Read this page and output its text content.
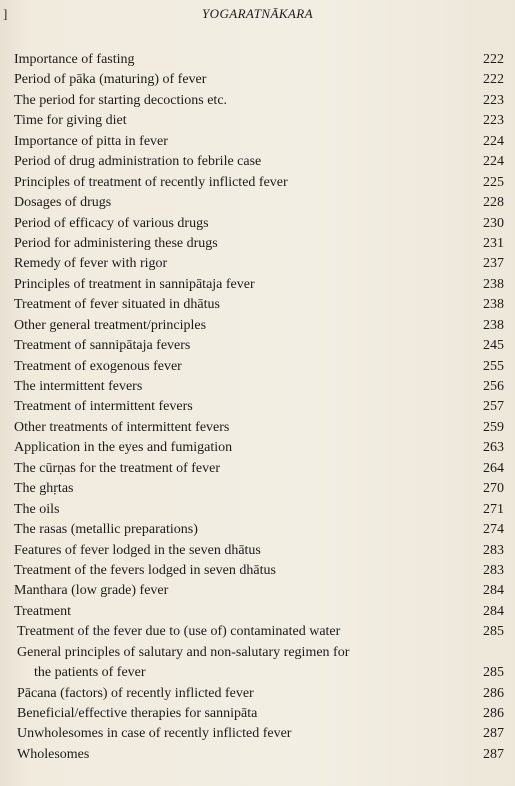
]	YOGARATNĀKARA
Importance of fasting	222
Period of pāka (maturing) of fever	222
The period for starting decoctions etc.	223
Time for giving diet	223
Importance of pitta in fever	224
Period of drug administration to febrile case	224
Principles of treatment of recently inflicted fever	225
Dosages of drugs	228
Period of efficacy of various drugs	230
Period for administering these drugs	231
Remedy of fever with rigor	237
Principles of treatment in sannipātaja fever	238
Treatment of fever situated in dhātus	238
Other general treatment/principles	238
Treatment of sannipātaja fevers	245
Treatment of exogenous fever	255
The intermittent fevers	256
Treatment of intermittent fevers	257
Other treatments of intermittent fevers	259
Application in the eyes and fumigation	263
The cūrṇas for the treatment of fever	264
The ghṛtas	270
The oils	271
The rasas (metallic preparations)	274
Features of fever lodged in the seven dhātus	283
Treatment of the fevers lodged in seven dhātus	283
Manthara (low grade) fever	284
Treatment	284
Treatment of the fever due to (use of) contaminated water	285
General principles of salutary and non-salutary regimen for
the patients of fever	285
Pācana (factors) of recently inflicted fever	286
Beneficial/effective therapies for sannipāta	286
Unwholesomes in case of recently inflicted fever	287
Wholesomes	287
